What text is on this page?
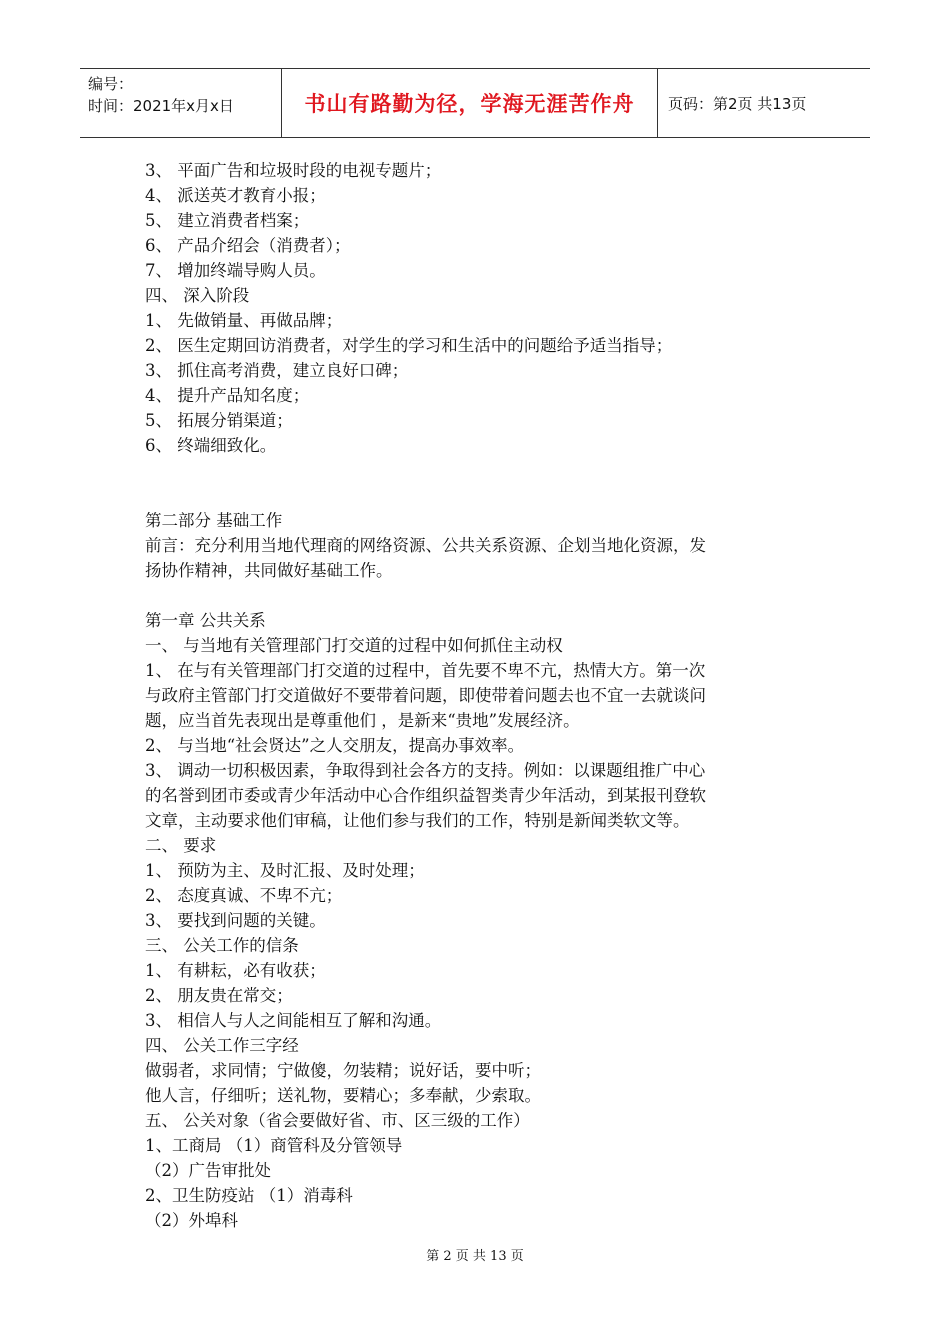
编号：
时间：2021年x月x日	书山有路勤为径，学海无涯苦作舟	页码：第2页 共13页
3、 平面广告和垃圾时段的电视专题片；
4、 派送英才教育小报；
5、 建立消费者档案；
6、 产品介绍会（消费者）；
7、 增加终端导购人员。
四、 深入阶段
1、 先做销量、再做品牌；
2、 医生定期回访消费者，对学生的学习和生活中的问题给予适当指导；
3、 抓住高考消费，建立良好口碑；
4、 提升产品知名度；
5、 拓展分销渠道；
6、 终端细致化。
第二部分 基础工作
前言：充分利用当地代理商的网络资源、公共关系资源、企划当地化资源，发
扬协作精神，共同做好基础工作。
第一章 公共关系
一、 与当地有关管理部门打交道的过程中如何抓住主动权
1、 在与有关管理部门打交道的过程中，首先要不卑不亢，热情大方。第一次
与政府主管部门打交道做好不要带着问题，即使带着问题去也不宜一去就谈问
题，应当首先表现出是尊重他们 ，是新来“贵地”发展经济。
2、 与当地“社会贤达”之人交朋友，提高办事效率。
3、 调动一切积极因素，争取得到社会各方的支持。例如：以课题组推广中心
的名誉到团市委或青少年活动中心合作组织益智类青少年活动，到某报刊登软
文章，主动要求他们审稿，让他们参与我们的工作，特别是新闻类软文等。
二、 要求
1、 预防为主、及时汇报、及时处理；
2、 态度真诚、不卑不亢；
3、 要找到问题的关键。
三、 公关工作的信条
1、 有耕耘，必有收获；
2、 朋友贵在常交；
3、 相信人与人之间能相互了解和沟通。
四、 公关工作三字经
做弱者，求同情；宁做傻，勿装精；说好话，要中听；
他人言，仔细听；送礼物，要精心；多奉献，少索取。
五、 公关对象（省会要做好省、市、区三级的工作）
1、工商局 （1）商管科及分管领导
（2）广告审批处
2、卫生防疫站 （1）消毒科
（2）外埠科
第 2 页 共 13 页
